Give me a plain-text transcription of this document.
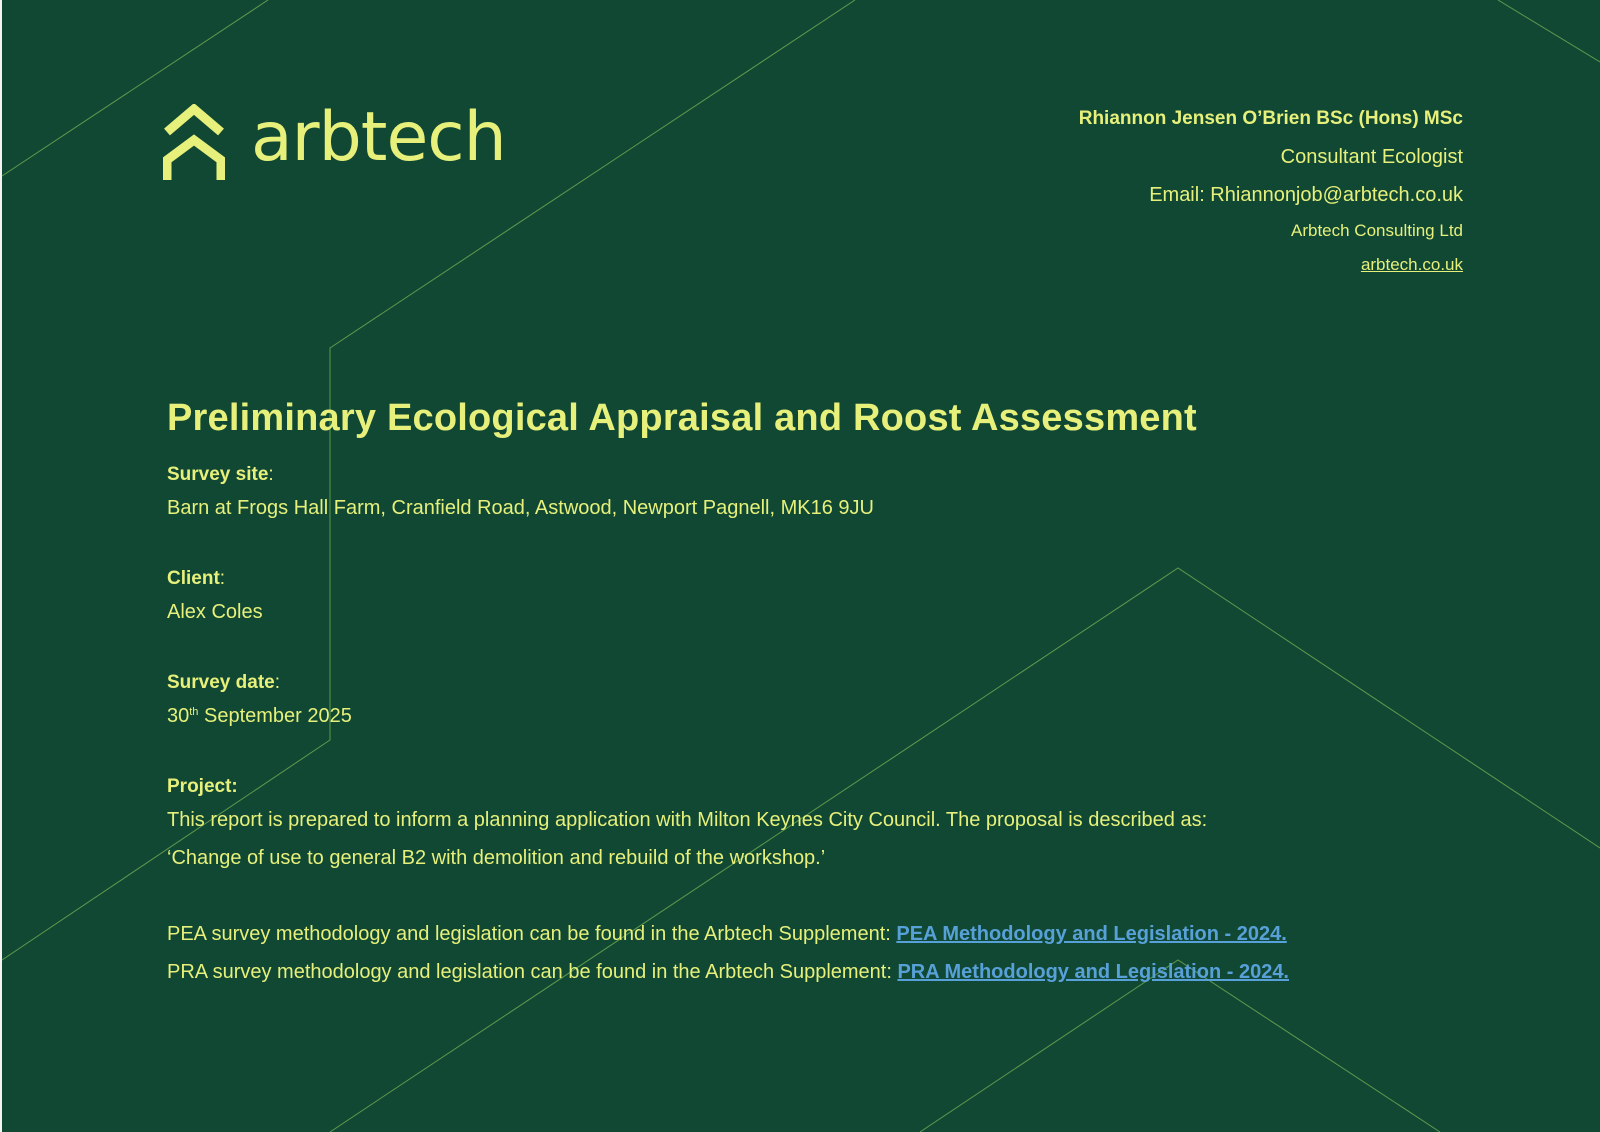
arbtech	Rhiannon Jensen O’Brien BSc (Hons) MSc
Consultant Ecologist
Email: Rhiannonjob@arbtech.co.uk
Arbtech Consulting Ltd
arbtech.co.uk
Preliminary Ecological Appraisal and Roost Assessment
Survey site:
Barn at Frogs Hall Farm, Cranfield Road, Astwood, Newport Pagnell, MK16 9JU
Client:
Alex Coles
Survey date:
30th September 2025
Project:
This report is prepared to inform a planning application with Milton Keynes City Council. The proposal is described as:
‘Change of use to general B2 with demolition and rebuild of the workshop.’
PEA survey methodology and legislation can be found in the Arbtech Supplement: PEA Methodology and Legislation - 2024.
PRA survey methodology and legislation can be found in the Arbtech Supplement: PRA Methodology and Legislation - 2024.
